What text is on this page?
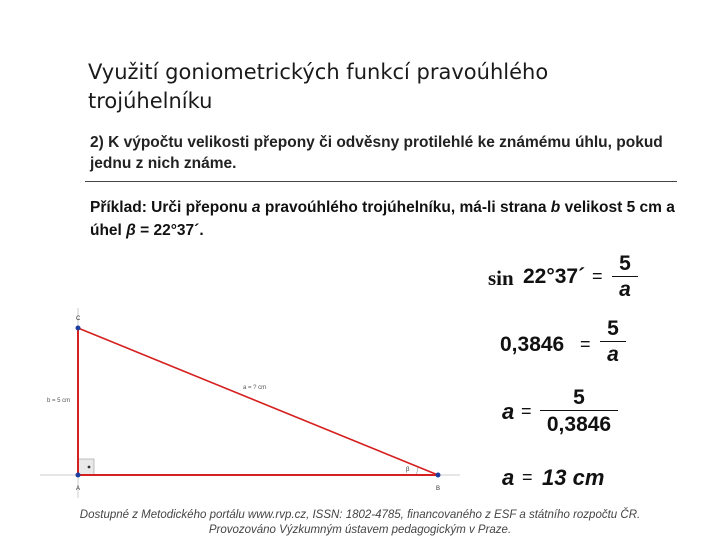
Využití goniometrických funkcí pravoúhlého trojúhelníku
2) K výpočtu velikosti přepony či odvěsny protilehlé ke známému úhlu, pokud jednu z nich známe.
Příklad: Urči přeponu a pravoúhlého trojúhelníku, má-li strana b velikost 5 cm a úhel β = 22°37´.
C
A	B
b = 5 cm
a = ? cm
β
sin 22°37´ =
5
a
0,3846 =
5
a
a =
5
0,3846
a = 13 cm
Dostupné z Metodického portálu www.rvp.cz, ISSN: 1802-4785, financovaného z ESF a státního rozpočtu ČR.
Provozováno Výzkumným ústavem pedagogickým v Praze.
